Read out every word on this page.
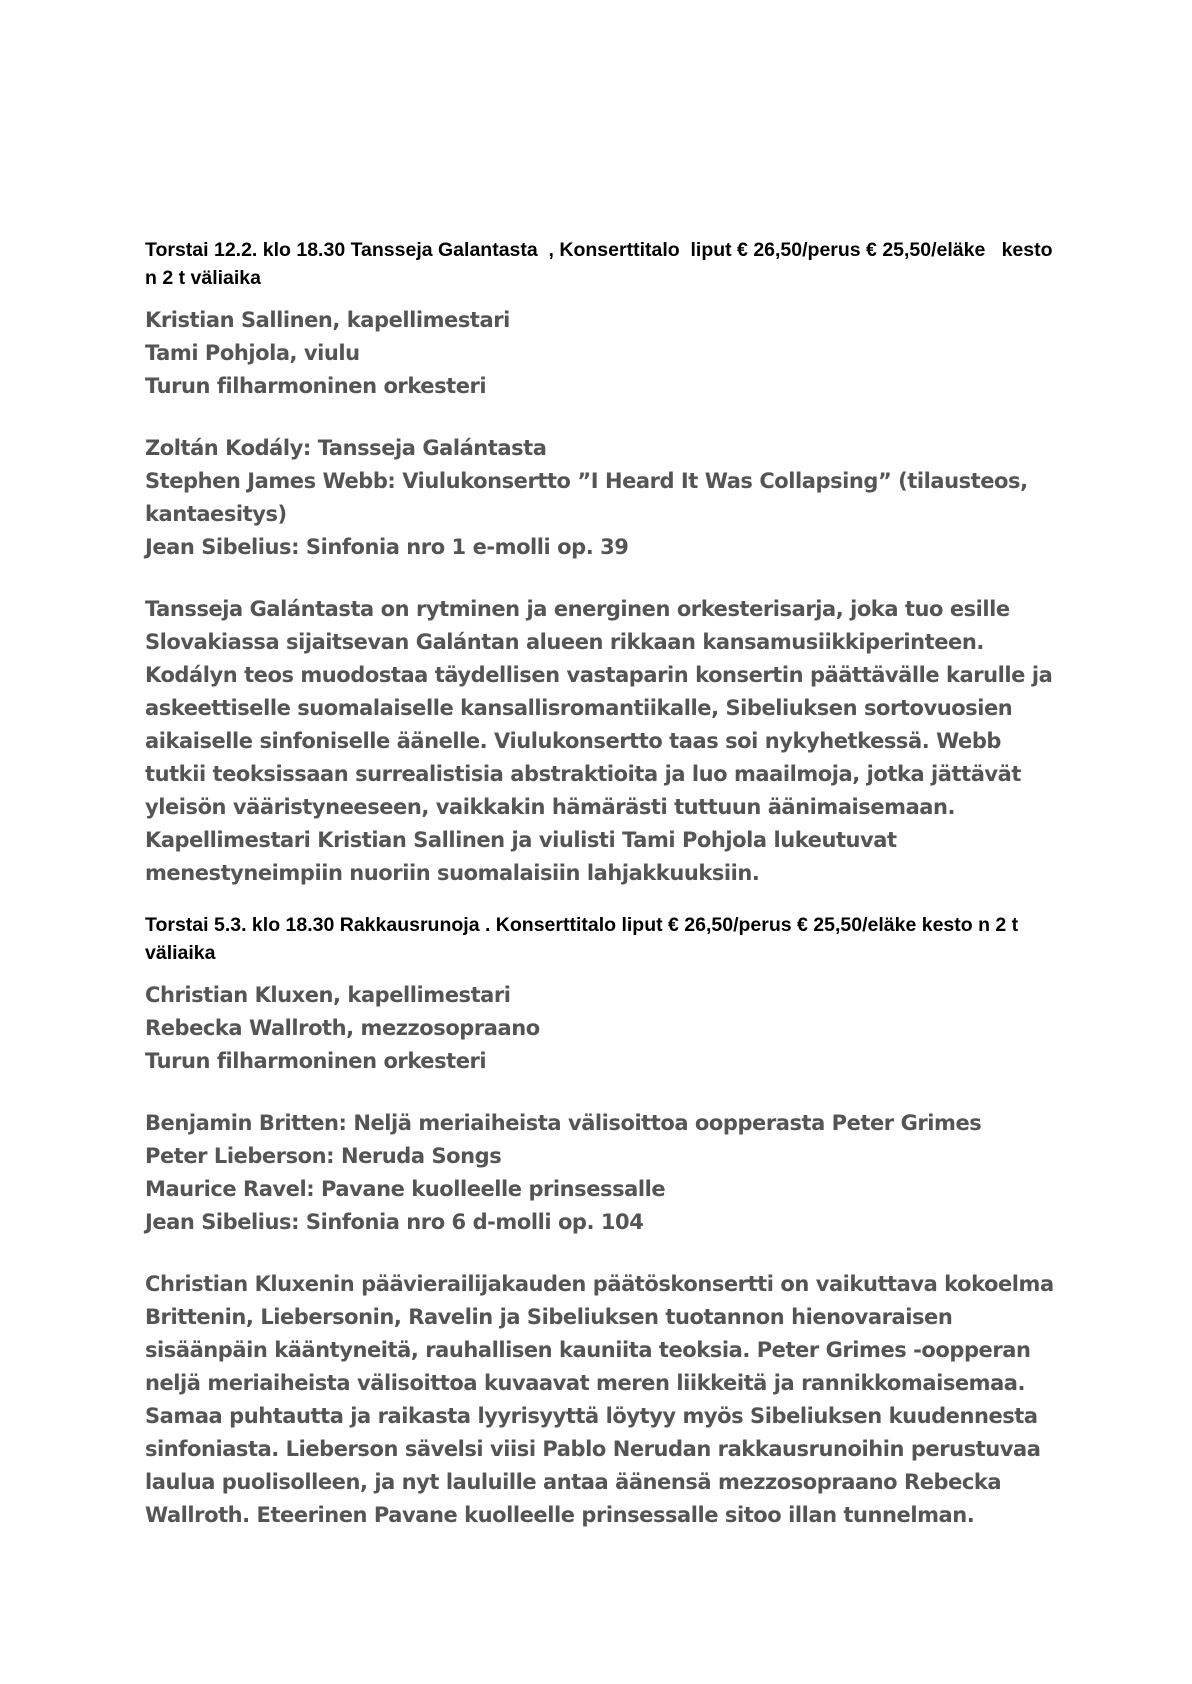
Torstai 12.2. klo 18.30 Tansseja Galantasta  , Konserttitalo  liput € 26,50/perus € 25,50/eläke   kesto n 2 t väliaika

Kristian Sallinen, kapellimestari
Tami Pohjola, viulu
Turun filharmoninen orkesteri
Zoltán Kodály: Tansseja Galántasta
Stephen James Webb: Viulukonsertto ”I Heard It Was Collapsing” (tilausteos, kantaesitys)
Jean Sibelius: Sinfonia nro 1 e-molli op. 39

Tansseja Galántasta on rytminen ja energinen orkesterisarja, joka tuo esille Slovakiassa sijaitsevan Galántan alueen rikkaan kansamusiikkiperinteen. Kodályn teos muodostaa täydellisen vastaparin konsertin päättävälle karulle ja askeettiselle suomalaiselle kansallisromantiikalle, Sibeliuksen sortovuosien aikaiselle sinfoniselle äänelle. Viulukonsertto taas soi nykyhetkessä. Webb tutkii teoksissaan surrealistisia abstraktioita ja luo maailmoja, jotka jättävät yleisön vääristyneeseen, vaikkakin hämärästi tuttuun äänimaisemaan. Kapellimestari Kristian Sallinen ja viulisti Tami Pohjola lukeutuvat menestyneimpiin nuoriin suomalaisiin lahjakkuuksiin.

Torstai 5.3. klo 18.30 Rakkausrunoja . Konserttitalo liput € 26,50/perus € 25,50/eläke kesto n 2 t väliaika

Christian Kluxen, kapellimestari
Rebecka Wallroth, mezzosopraano
Turun filharmoninen orkesteri
Benjamin Britten: Neljä meriaiheista välisoittoa oopperasta Peter Grimes
Peter Lieberson: Neruda Songs
Maurice Ravel: Pavane kuolleelle prinsessalle
Jean Sibelius: Sinfonia nro 6 d-molli op. 104

Christian Kluxenin päävierailijakauden päätöskonsertti on vaikuttava kokoelma Brittenin, Liebersonin, Ravelin ja Sibeliuksen tuotannon hienovaraisen sisäänpäin kääntyneitä, rauhallisen kauniita teoksia. Peter Grimes -oopperan neljä meriaiheista välisoittoa kuvaavat meren liikkeitä ja rannikkomaisemaa. Samaa puhtautta ja raikasta lyyrisyyttä löytyy myös Sibeliuksen kuudennesta sinfoniasta. Lieberson sävelsi viisi Pablo Nerudan rakkausrunoihin perustuvaa laulua puolisolleen, ja nyt lauluille antaa äänensä mezzosopraano Rebecka Wallroth. Eteerinen Pavane kuolleelle prinsessalle sitoo illan tunnelman.
